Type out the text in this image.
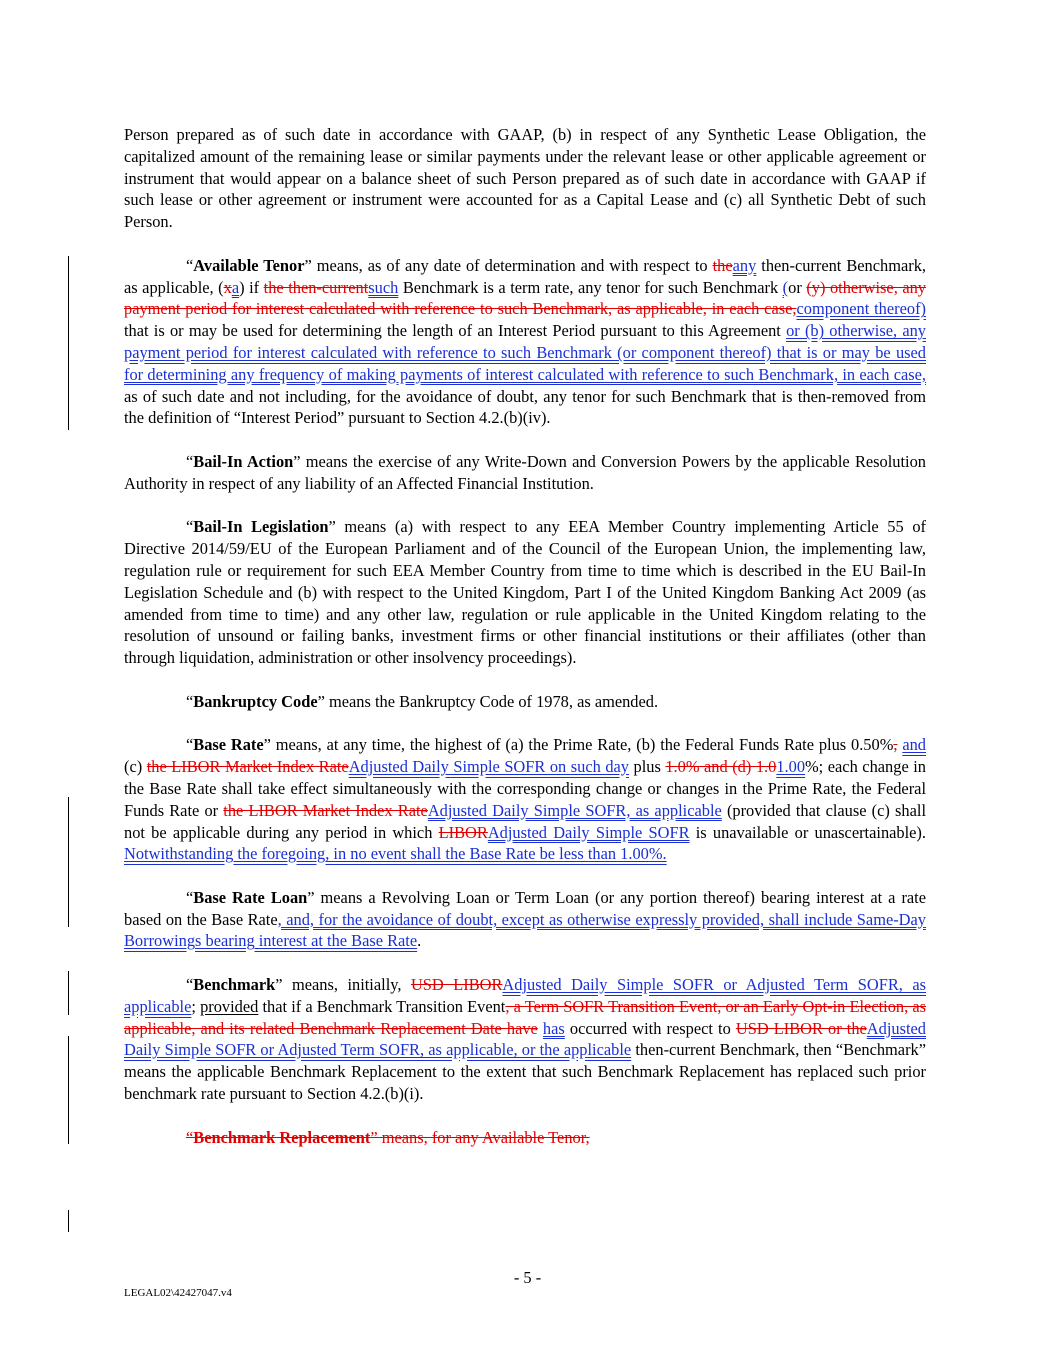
Person prepared as of such date in accordance with GAAP, (b) in respect of any Synthetic Lease Obligation, the capitalized amount of the remaining lease or similar payments under the relevant lease or other applicable agreement or instrument that would appear on a balance sheet of such Person prepared as of such date in accordance with GAAP if such lease or other agreement or instrument were accounted for as a Capital Lease and (c) all Synthetic Debt of such Person.

“Available Tenor” means, as of any date of determination and with respect to theany then-current Benchmark, as applicable, (xa) if the then-currentsuch Benchmark is a term rate, any tenor for such Benchmark (or (y) otherwise, any payment period for interest calculated with reference to such Benchmark, as applicable, in each case,component thereof) that is or may be used for determining the length of an Interest Period pursuant to this Agreement or (b) otherwise, any payment period for interest calculated with reference to such Benchmark (or component thereof) that is or may be used for determining any frequency of making payments of interest calculated with reference to such Benchmark, in each case, as of such date and not including, for the avoidance of doubt, any tenor for such Benchmark that is then-removed from the definition of “Interest Period” pursuant to Section 4.2.(b)(iv).

“Bail-In Action” means the exercise of any Write-Down and Conversion Powers by the applicable Resolution Authority in respect of any liability of an Affected Financial Institution.

“Bail-In Legislation” means (a) with respect to any EEA Member Country implementing Article 55 of Directive 2014/59/EU of the European Parliament and of the Council of the European Union, the implementing law, regulation rule or requirement for such EEA Member Country from time to time which is described in the EU Bail-In Legislation Schedule and (b) with respect to the United Kingdom, Part I of the United Kingdom Banking Act 2009 (as amended from time to time) and any other law, regulation or rule applicable in the United Kingdom relating to the resolution of unsound or failing banks, investment firms or other financial institutions or their affiliates (other than through liquidation, administration or other insolvency proceedings).

“Bankruptcy Code” means the Bankruptcy Code of 1978, as amended.

“Base Rate” means, at any time, the highest of (a) the Prime Rate, (b) the Federal Funds Rate plus 0.50%, and (c) the LIBOR Market Index RateAdjusted Daily Simple SOFR on such day plus 1.0% and (d) 1.01.00%; each change in the Base Rate shall take effect simultaneously with the corresponding change or changes in the Prime Rate, the Federal Funds Rate or the LIBOR Market Index RateAdjusted Daily Simple SOFR, as applicable (provided that clause (c) shall not be applicable during any period in which LIBORAdjusted Daily Simple SOFR is unavailable or unascertainable).  Notwithstanding the foregoing, in no event shall the Base Rate be less than 1.00%.

“Base Rate Loan” means a Revolving Loan or Term Loan (or any portion thereof) bearing interest at a rate based on the Base Rate, and, for the avoidance of doubt, except as otherwise expressly provided, shall include Same-Day Borrowings bearing interest at the Base Rate.

“Benchmark” means, initially, USD LIBORAdjusted Daily Simple SOFR or Adjusted Term SOFR, as applicable; provided that if a Benchmark Transition Event, a Term SOFR Transition Event, or an Early Opt-in Election, as applicable, and its related Benchmark Replacement Date have has occurred with respect to USD LIBOR or theAdjusted Daily Simple SOFR or Adjusted Term SOFR, as applicable, or the applicable then-current Benchmark, then “Benchmark” means the applicable Benchmark Replacement to the extent that such Benchmark Replacement has replaced such prior benchmark rate pursuant to Section 4.2.(b)(i).

“Benchmark Replacement” means, for any Available Tenor,

- 5 -
LEGAL02\42427047.v4
